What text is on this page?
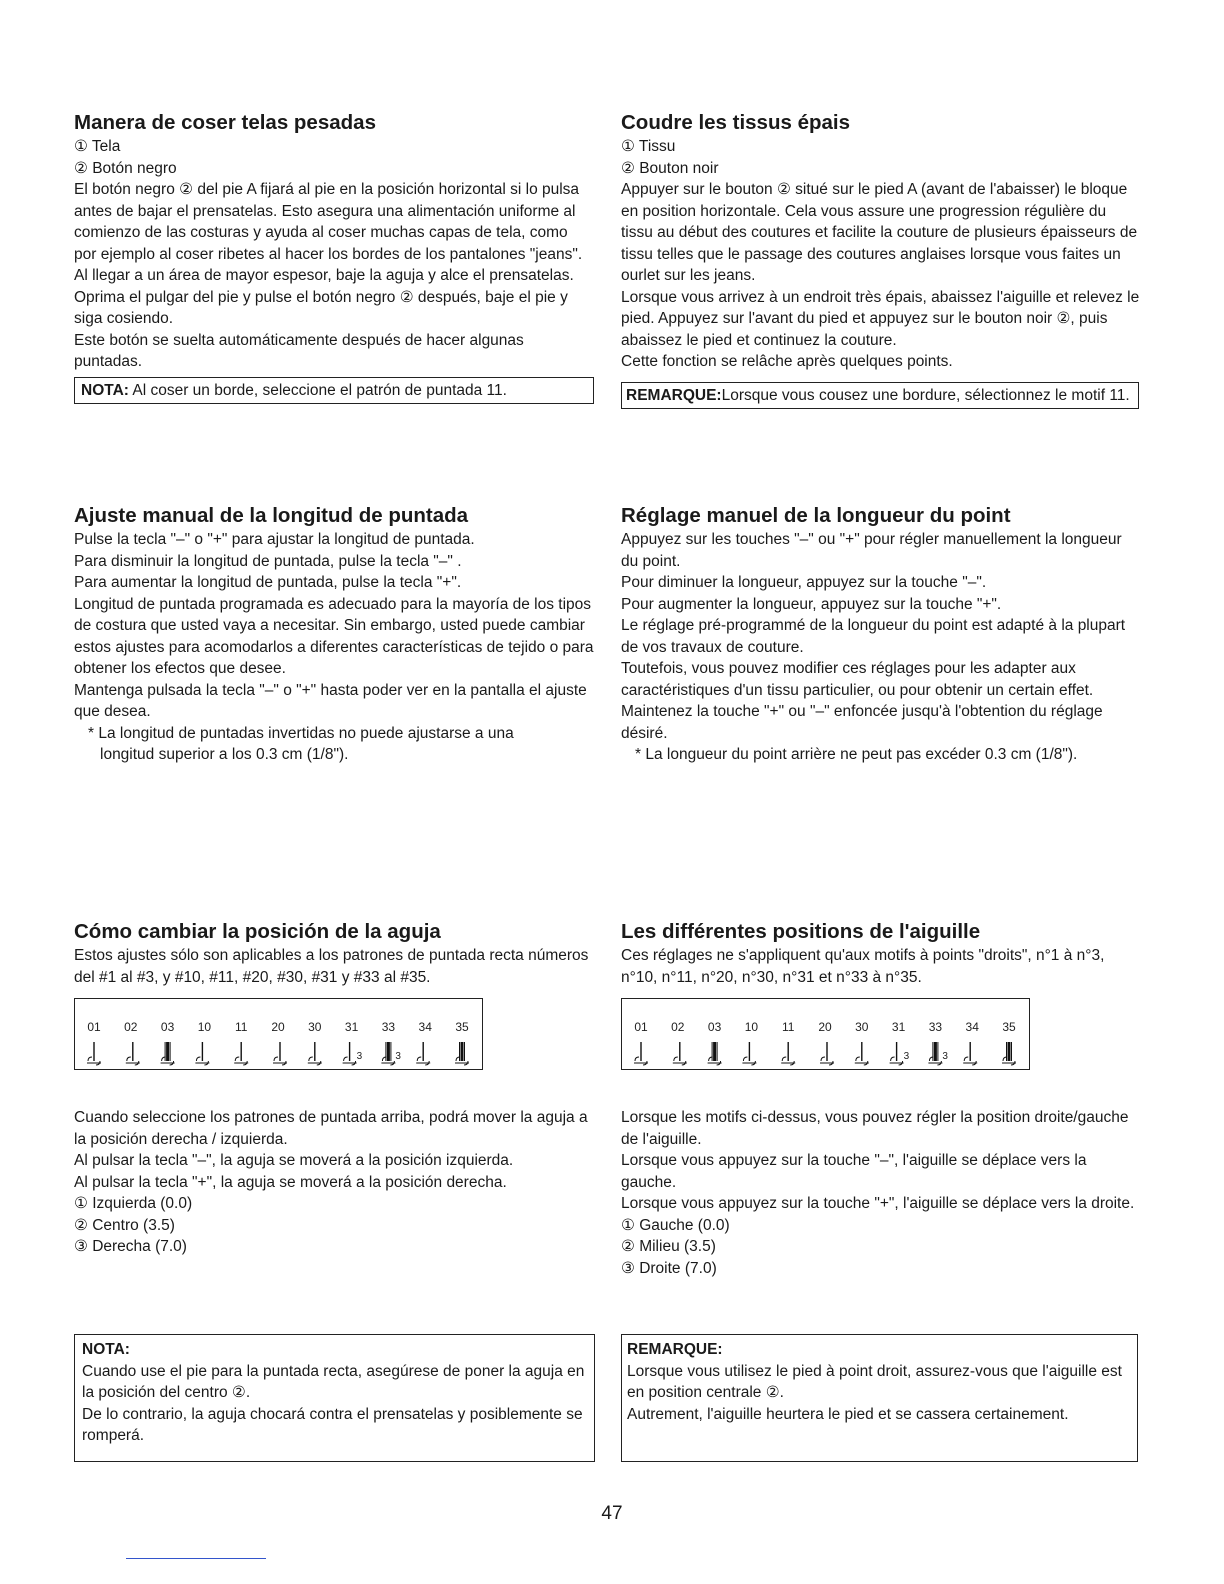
Manera de coser telas pesadas

① Tela

② Botón negro

El botón negro ② del pie A fijará al pie en la posición horizontal si lo pulsa antes de bajar el prensatelas. Esto asegura una alimentación uniforme al comienzo de las costuras y ayuda al coser muchas capas de tela, como por ejemplo al coser ribetes al hacer los bordes de los pantalones "jeans".

Al llegar a un área de mayor espesor, baje la aguja y alce el prensatelas. Oprima el pulgar del pie y pulse el botón negro ② después, baje el pie y siga cosiendo.

Este botón se suelta automáticamente después de hacer algunas puntadas.

NOTA: Al coser un borde, seleccione el patrón de puntada 11.
Ajuste manual de la longitud de puntada

Pulse la tecla "–" o "+" para ajustar la longitud de puntada.

Para disminuir la longitud de puntada, pulse la tecla "–" .

Para aumentar la longitud de puntada, pulse la tecla "+".

Longitud de puntada programada es adecuado para la mayoría de los tipos de costura que usted vaya a necesitar. Sin embargo, usted puede cambiar estos ajustes para acomodarlos a diferentes características de tejido o para obtener los efectos que desee.

Mantenga pulsada la tecla "–" o "+" hasta poder ver en la pantalla el ajuste que desea.

* La longitud de puntadas invertidas no puede ajustarse a una longitud superior a los 0.3 cm (1/8").

Cómo cambiar la posición de la aguja

Estos ajustes sólo son aplicables a los patrones de puntada recta números del #1 al #3, y #10, #11, #20, #30, #31 y #33 al #35.

01 02 03 10 11 20 30 31
3
33
3
34 35

Cuando seleccione los patrones de puntada arriba, podrá mover la aguja a la posición derecha / izquierda.

Al pulsar la tecla "–", la aguja se moverá a la posición izquierda.

Al pulsar la tecla "+", la aguja se moverá a la posición derecha.

① Izquierda (0.0)

② Centro (3.5)

③ Derecha (7.0)

NOTA:

Cuando use el pie para la puntada recta, asegúrese de poner la aguja en la posición del centro ②.

De lo contrario, la aguja chocará contra el prensatelas y posiblemente se romperá.

Coudre les tissus épais

① Tissu

② Bouton noir

Appuyer sur le bouton ② situé sur le pied A (avant de l'abaisser) le bloque en position horizontale. Cela vous assure une progression régulière du tissu au début des coutures et facilite la couture de plusieurs épaisseurs de tissu telles que le passage des coutures anglaises lorsque vous faites un ourlet sur les jeans.

Lorsque vous arrivez à un endroit très épais, abaissez l'aiguille et relevez le pied. Appuyez sur l'avant du pied et appuyez sur le bouton noir ②, puis abaissez le pied et continuez la couture.

Cette fonction se relâche après quelques points.

REMARQUE:Lorsque vous cousez une bordure, sélectionnez le motif 11.
Réglage manuel de la longueur du point

Appuyez sur les touches "–" ou "+" pour régler manuellement la longueur du point.

Pour diminuer la longueur, appuyez sur la touche "–".

Pour augmenter la longueur, appuyez sur la touche "+".

Le réglage pré-programmé de la longueur du point est adapté à la plupart de vos travaux de couture.

Toutefois, vous pouvez modifier ces réglages pour les adapter aux caractéristiques d'un tissu particulier, ou pour obtenir un certain effet.

Maintenez la touche "+" ou "–" enfoncée jusqu'à l'obtention du réglage désiré.

* La longueur du point arrière ne peut pas excéder 0.3 cm (1/8").

Les différentes positions de l'aiguille

Ces réglages ne s'appliquent qu'aux motifs à points "droits", n°1 à n°3, n°10, n°11, n°20, n°30, n°31 et n°33 à n°35.

01 02 03 10 11 20 30 31
3
33
3
34 35

Lorsque les motifs ci-dessus, vous pouvez régler la position droite/gauche de l'aiguille.

Lorsque vous appuyez sur la touche "–", l'aiguille se déplace vers la gauche.

Lorsque vous appuyez sur la touche "+", l'aiguille se déplace vers la droite.

① Gauche (0.0)

② Milieu (3.5)

③ Droite (7.0)

REMARQUE:

Lorsque vous utilisez le pied à point droit, assurez-vous que l'aiguille est en position centrale ②.

Autrement, l'aiguille heurtera le pied et se cassera certainement.

47
